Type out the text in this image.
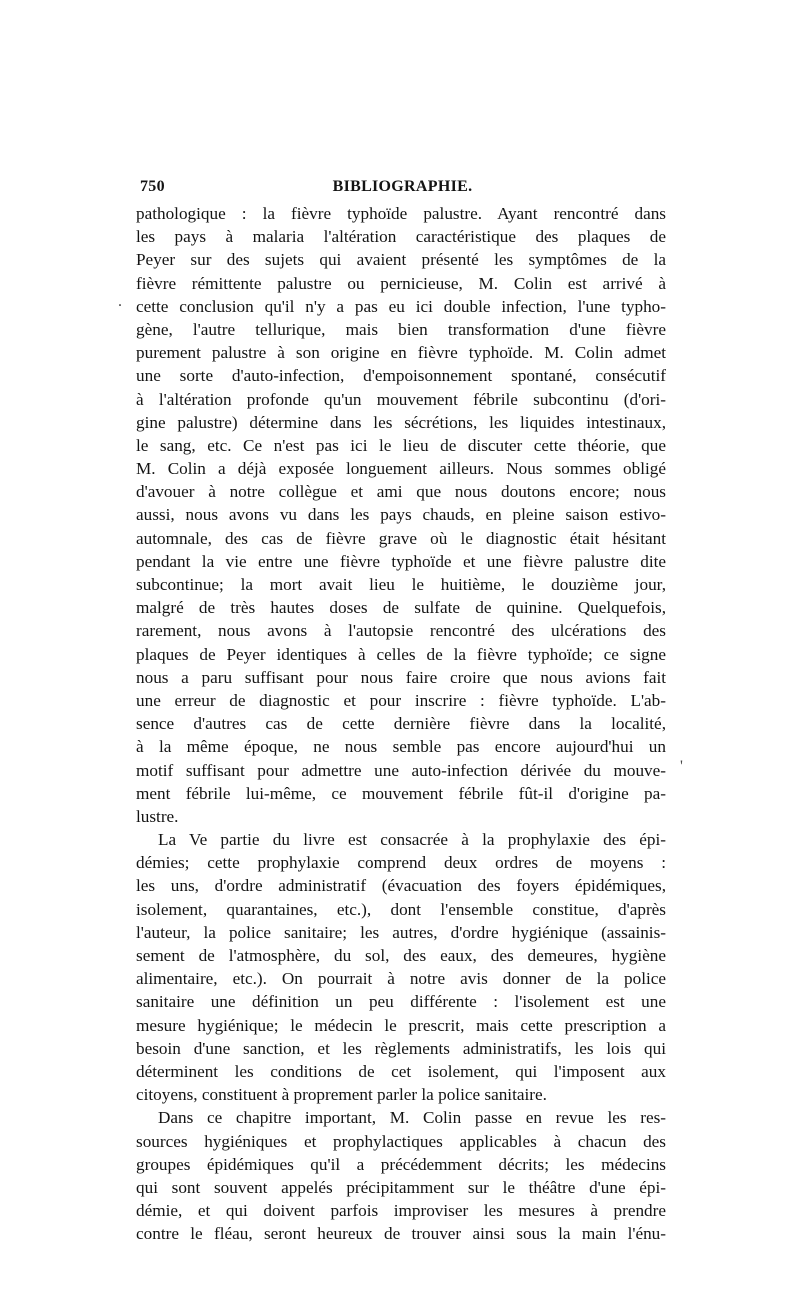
750	BIBLIOGRAPHIE.
.
'
pathologique : la fièvre typhoïde palustre. Ayant rencontré dans
les pays à malaria l'altération caractéristique des plaques de
Peyer sur des sujets qui avaient présenté les symptômes de la
fièvre rémittente palustre ou pernicieuse, M. Colin est arrivé à
cette conclusion qu'il n'y a pas eu ici double infection, l'une typho-
gène, l'autre tellurique, mais bien transformation d'une fièvre
purement palustre à son origine en fièvre typhoïde. M. Colin admet
une sorte d'auto-infection, d'empoisonnement spontané, consécutif
à l'altération profonde qu'un mouvement fébrile subcontinu (d'ori-
gine palustre) détermine dans les sécrétions, les liquides intestinaux,
le sang, etc. Ce n'est pas ici le lieu de discuter cette théorie, que
M. Colin a déjà exposée longuement ailleurs. Nous sommes obligé
d'avouer à notre collègue et ami que nous doutons encore; nous
aussi, nous avons vu dans les pays chauds, en pleine saison estivo-
automnale, des cas de fièvre grave où le diagnostic était hésitant
pendant la vie entre une fièvre typhoïde et une fièvre palustre dite
subcontinue; la mort avait lieu le huitième, le douzième jour,
malgré de très hautes doses de sulfate de quinine. Quelquefois,
rarement, nous avons à l'autopsie rencontré des ulcérations des
plaques de Peyer identiques à celles de la fièvre typhoïde; ce signe
nous a paru suffisant pour nous faire croire que nous avions fait
une erreur de diagnostic et pour inscrire : fièvre typhoïde. L'ab-
sence d'autres cas de cette dernière fièvre dans la localité,
à la même époque, ne nous semble pas encore aujourd'hui un
motif suffisant pour admettre une auto-infection dérivée du mouve-
ment fébrile lui-même, ce mouvement fébrile fût-il d'origine pa-
lustre.
La Ve partie du livre est consacrée à la prophylaxie des épi-
démies; cette prophylaxie comprend deux ordres de moyens :
les uns, d'ordre administratif (évacuation des foyers épidémiques,
isolement, quarantaines, etc.), dont l'ensemble constitue, d'après
l'auteur, la police sanitaire; les autres, d'ordre hygiénique (assainis-
sement de l'atmosphère, du sol, des eaux, des demeures, hygiène
alimentaire, etc.). On pourrait à notre avis donner de la police
sanitaire une définition un peu différente : l'isolement est une
mesure hygiénique; le médecin le prescrit, mais cette prescription a
besoin d'une sanction, et les règlements administratifs, les lois qui
déterminent les conditions de cet isolement, qui l'imposent aux
citoyens, constituent à proprement parler la police sanitaire.
Dans ce chapitre important, M. Colin passe en revue les res-
sources hygiéniques et prophylactiques applicables à chacun des
groupes épidémiques qu'il a précédemment décrits; les médecins
qui sont souvent appelés précipitamment sur le théâtre d'une épi-
démie, et qui doivent parfois improviser les mesures à prendre
contre le fléau, seront heureux de trouver ainsi sous la main l'énu-
